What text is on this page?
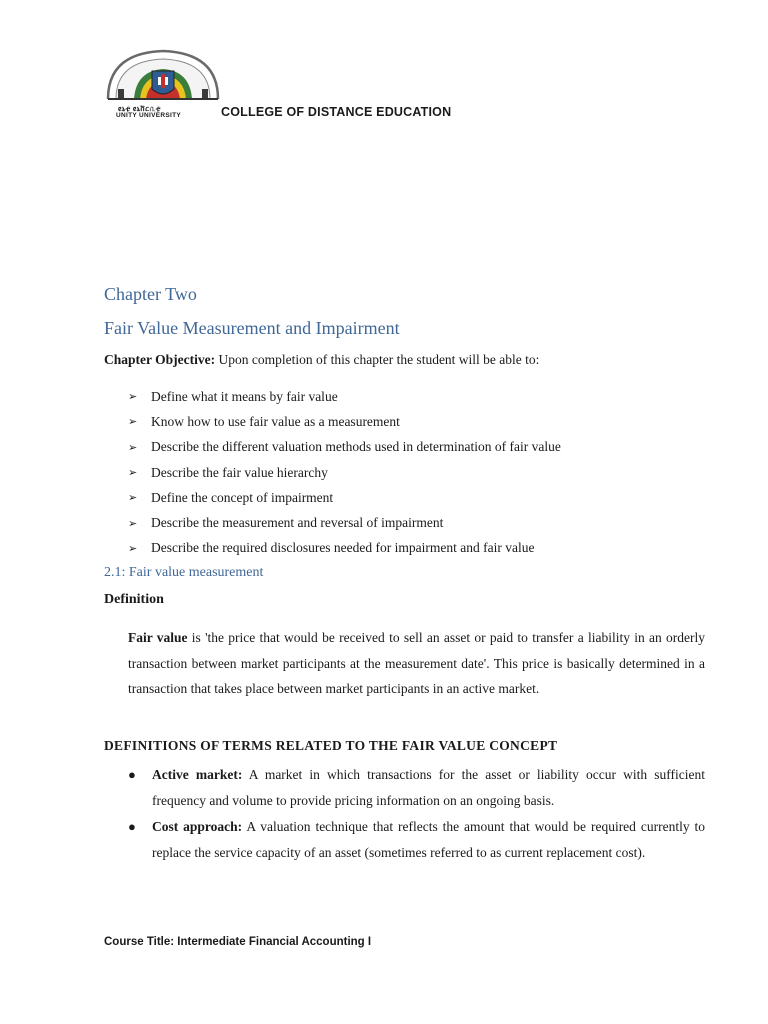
ዩኒቲ ዩኒቨርሲቲ
UNITY UNIVERSITY	COLLEGE OF DISTANCE EDUCATION
Chapter Two
Fair Value Measurement and Impairment
Chapter Objective: Upon completion of this chapter the student will be able to:
➢	Define what it means by fair value
➢	Know how to use fair value as a measurement
➢	Describe the different valuation methods used in determination of fair value
➢	Describe the fair value hierarchy
➢	Define the concept of impairment
➢	Describe the measurement and reversal of impairment
➢	Describe the required disclosures needed for impairment and fair value
2.1: Fair value measurement
Definition

Fair value is 'the price that would be received to sell an asset or paid to transfer a liability in an orderly transaction between market participants at the measurement date'. This price is basically determined in a transaction that takes place between market participants in an active market.

DEFINITIONS OF TERMS RELATED TO THE FAIR VALUE CONCEPT
● Active market: A market in which transactions for the asset or liability occur with sufficient frequency and volume to provide pricing information on an ongoing basis.
● Cost approach: A valuation technique that reflects the amount that would be required currently to replace the service capacity of an asset (sometimes referred to as current replacement cost).
Course Title: Intermediate Financial Accounting I
